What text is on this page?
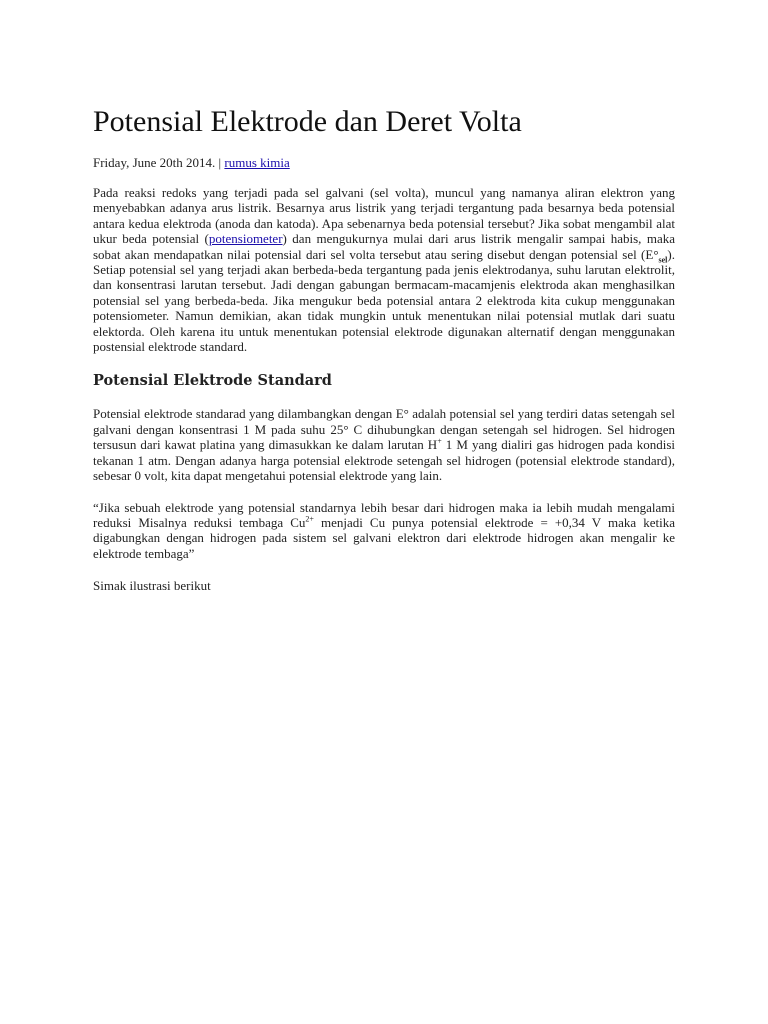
Potensial Elektrode dan Deret Volta
Friday, June 20th 2014. | rumus kimia

Pada reaksi redoks yang terjadi pada sel galvani (sel volta), muncul yang namanya aliran elektron yang menyebabkan adanya arus listrik. Besarnya arus listrik yang terjadi tergantung pada besarnya beda potensial antara kedua elektroda (anoda dan katoda). Apa sebenarnya beda potensial tersebut? Jika sobat mengambil alat ukur beda potensial (potensiometer) dan mengukurnya mulai dari arus listrik mengalir sampai habis, maka sobat akan mendapatkan nilai potensial dari sel volta tersebut atau sering disebut dengan potensial sel $(E^\circ_{sel})$. Setiap potensial sel yang terjadi akan berbeda-beda tergantung pada jenis elektrodanya, suhu larutan elektrolit, dan konsentrasi larutan tersebut. Jadi dengan gabungan bermacam-macamjenis elektroda akan menghasilkan potensial sel yang berbeda-beda. Jika mengukur beda potensial antara 2 elektroda kita cukup menggunakan potensiometer. Namun demikian, akan tidak mungkin untuk menentukan nilai potensial mutlak dari suatu elektorda. Oleh karena itu untuk menentukan potensial elektrode digunakan alternatif dengan menggunakan postensial elektrode standard.

Potensial Elektrode Standard

Potensial elektrode standarad yang dilambangkan dengan E° adalah potensial sel yang terdiri datas setengah sel galvani dengan konsentrasi 1 M pada suhu 25° C dihubungkan dengan setengah sel hidrogen. Sel hidrogen tersusun dari kawat platina yang dimasukkan ke dalam larutan H+ 1 M yang dialiri gas hidrogen pada kondisi tekanan 1 atm. Dengan adanya harga potensial elektrode setengah sel hidrogen (potensial elektrode standard), sebesar 0 volt, kita dapat mengetahui potensial elektrode yang lain.

“Jika sebuah elektrode yang potensial standarnya lebih besar dari hidrogen maka ia lebih mudah mengalami reduksi Misalnya reduksi tembaga $Cu^{2+}$ menjadi Cu punya potensial elektrode = +0,34 V maka ketika digabungkan dengan hidrogen pada sistem sel galvani elektron dari elektrode hidrogen akan mengalir ke elektrode tembaga”

Simak ilustrasi berikut
